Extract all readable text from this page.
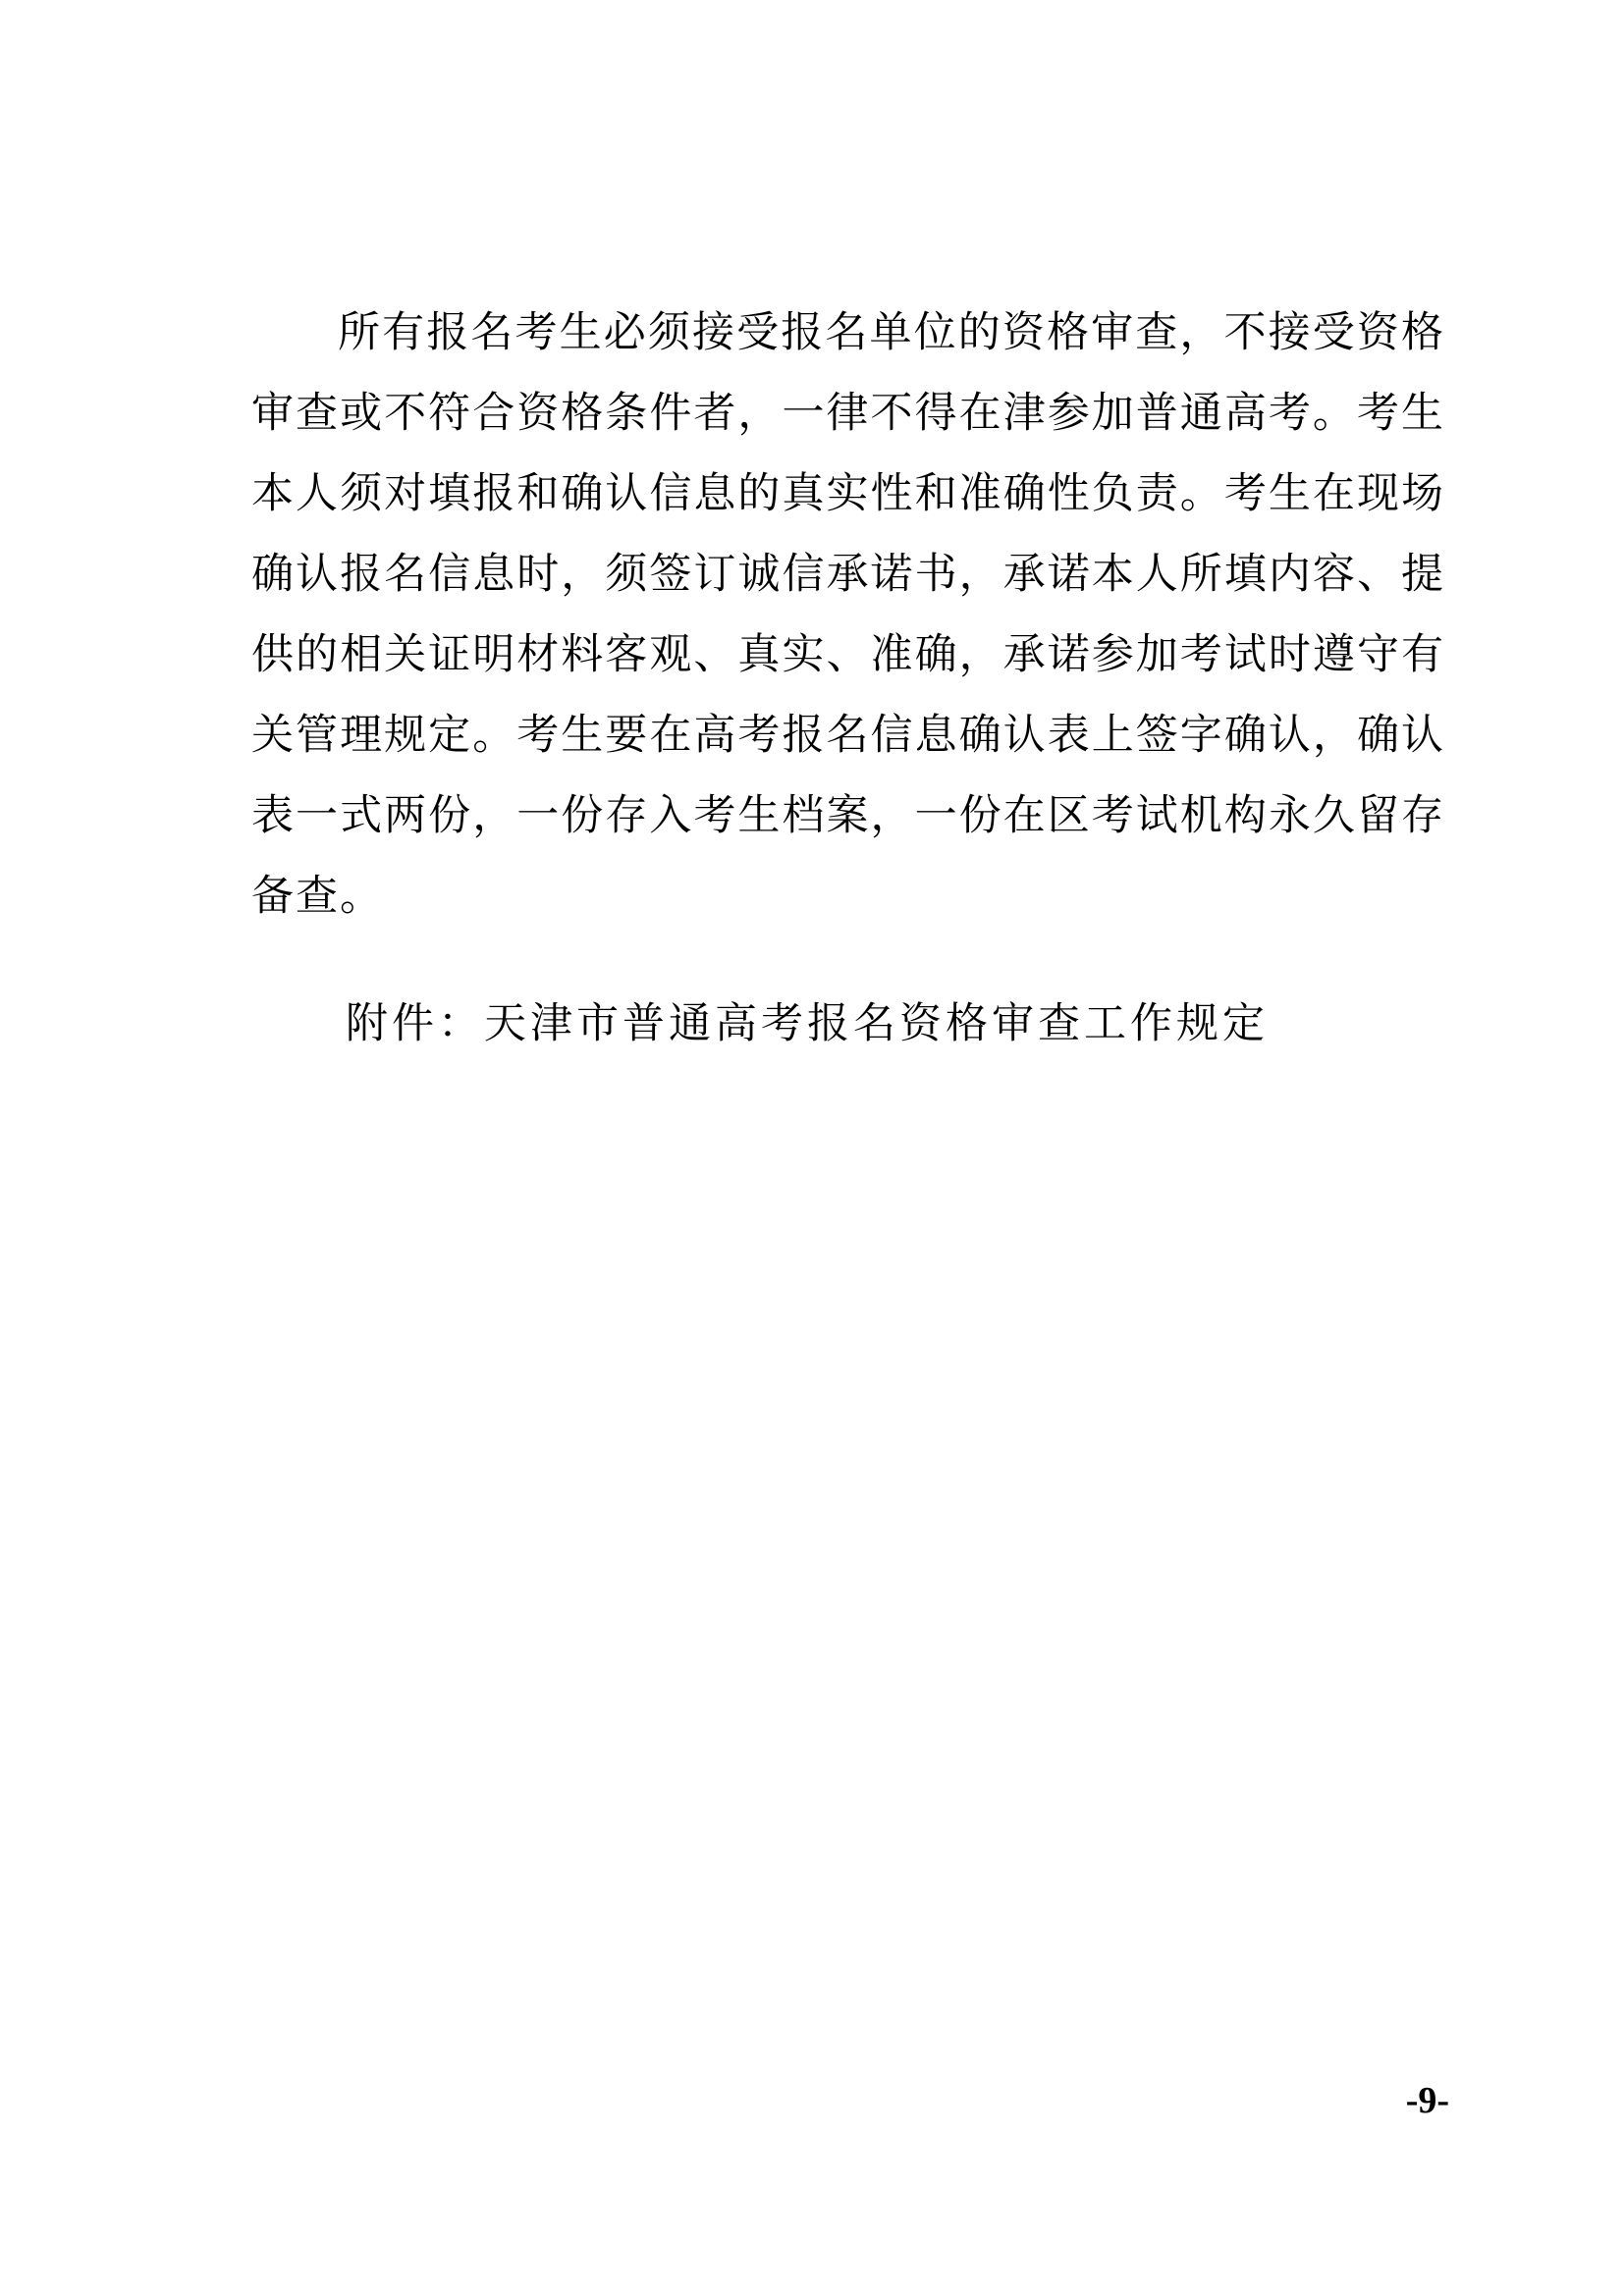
所有报名考生必须接受报名单位的资格审查，不接受资格
审查或不符合资格条件者，一律不得在津参加普通高考。考生
本人须对填报和确认信息的真实性和准确性负责。考生在现场
确认报名信息时，须签订诚信承诺书，承诺本人所填内容、提
供的相关证明材料客观、真实、准确，承诺参加考试时遵守有
关管理规定。考生要在高考报名信息确认表上签字确认，确认
表一式两份，一份存入考生档案，一份在区考试机构永久留存
备查。
附件：天津市普通高考报名资格审查工作规定
-9-
